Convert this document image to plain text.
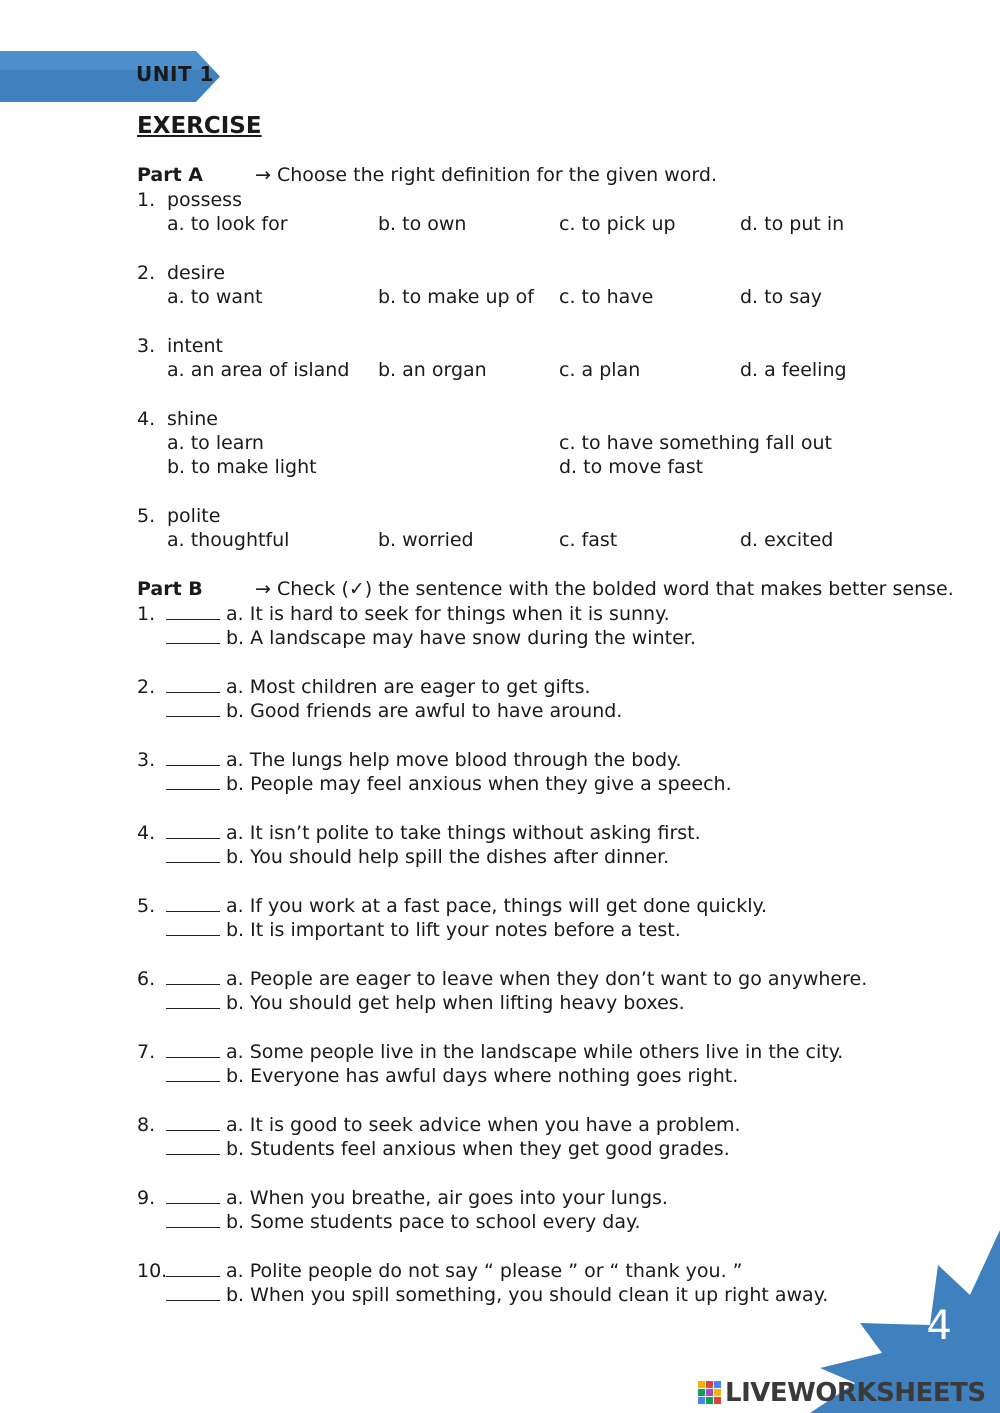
UNIT 1
EXERCISE
Part A	→ Choose the right definition for the given word.
1. possess
a. to look for	b. to own	c. to pick up	d. to put in
2. desire
a. to want	b. to make up of c. to have	d. to say
3. intent
a. an area of island b. an organ	c. a plan	d. a feeling
4. shine
a. to learn	c. to have something fall out
b. to make light	d. to move fast
5. polite
a. thoughtful	b. worried	c. fast	d. excited
Part B	→ Check (✓) the sentence with the bolded word that makes better sense.
1.	a. It is hard to seek for things when it is sunny.
b. A landscape may have snow during the winter.
2.	a. Most children are eager to get gifts.
b. Good friends are awful to have around.
3.	a. The lungs help move blood through the body.
b. People may feel anxious when they give a speech.
4.	a. It isn’t polite to take things without asking first.
b. You should help spill the dishes after dinner.
5.	a. If you work at a fast pace, things will get done quickly.
b. It is important to lift your notes before a test.
6.	a. People are eager to leave when they don’t want to go anywhere.
b. You should get help when lifting heavy boxes.
7.	a. Some people live in the landscape while others live in the city.
b. Everyone has awful days where nothing goes right.
8.	a. It is good to seek advice when you have a problem.
b. Students feel anxious when they get good grades.
9.	a. When you breathe, air goes into your lungs.
b. Some students pace to school every day.
10.	a. Polite people do not say “ please ” or “ thank you. ”
b. When you spill something, you should clean it up right away.
4
LIVEWORKSHEETS
